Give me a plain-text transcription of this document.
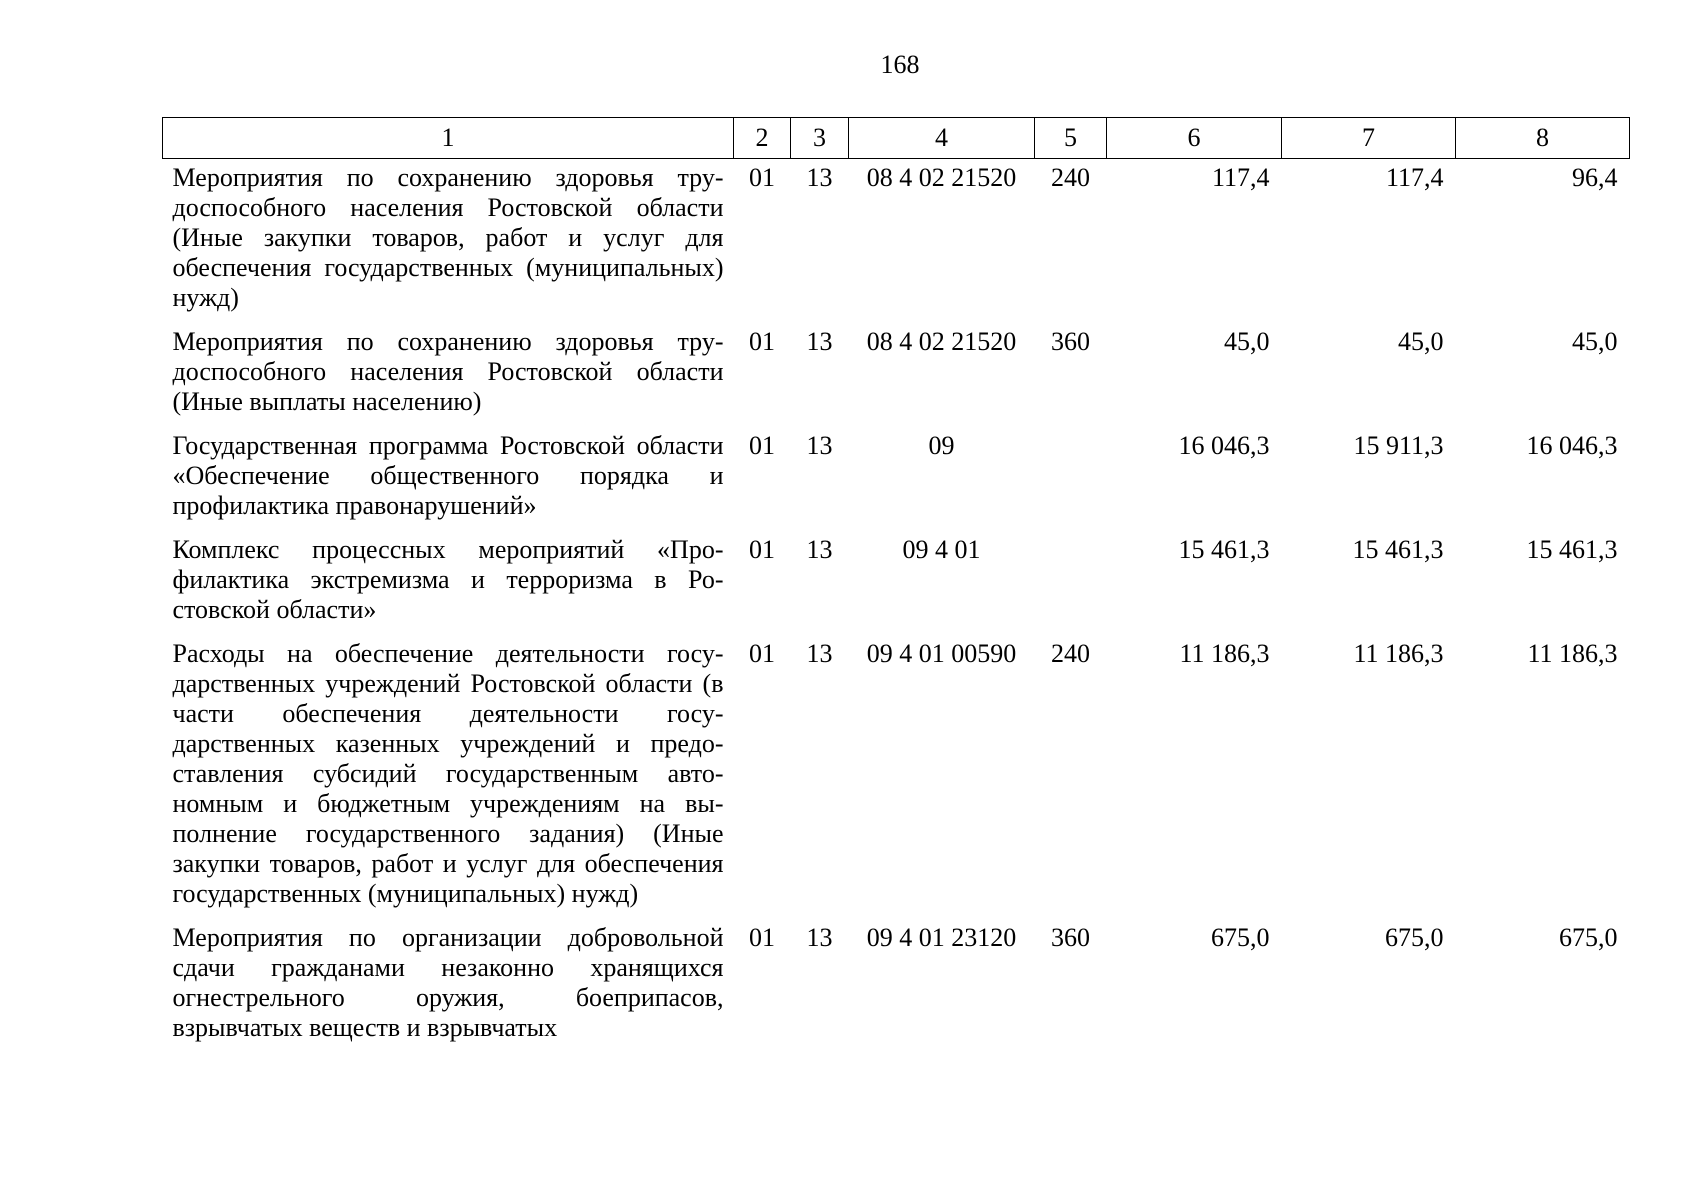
168
1	2	3	4	5	6	7	8
Мероприятия по сохранению здоровья трудоспособного населения Ростовской области (Иные закупки товаров, работ и услуг для обеспечения государственных (муниципальных) нужд)	01	13	08 4 02 21520	240	117,4	117,4	96,4
Мероприятия по сохранению здоровья трудоспособного населения Ростовской области (Иные выплаты населению)	01	13	08 4 02 21520	360	45,0	45,0	45,0
Государственная программа Ростовской области «Обеспечение общественного порядка и профилактика правонарушений»	01	13	09		16 046,3	15 911,3	16 046,3
Комплекс процессных мероприятий «Профилактика экстремизма и терроризма в Ростовской области»	01	13	09 4 01		15 461,3	15 461,3	15 461,3
Расходы на обеспечение деятельности государственных учреждений Ростовской области (в части обеспечения деятельности государственных казенных учреждений и предоставления субсидий государственным автономным и бюджетным учреждениям на выполнение государственного задания) (Иные закупки товаров, работ и услуг для обеспечения государственных (муниципальных) нужд)	01	13	09 4 01 00590	240	11 186,3	11 186,3	11 186,3
Мероприятия по организации добровольной сдачи гражданами незаконно хранящихся огнестрельного оружия, боеприпасов, взрывчатых веществ и взрывчатых	01	13	09 4 01 23120	360	675,0	675,0	675,0
